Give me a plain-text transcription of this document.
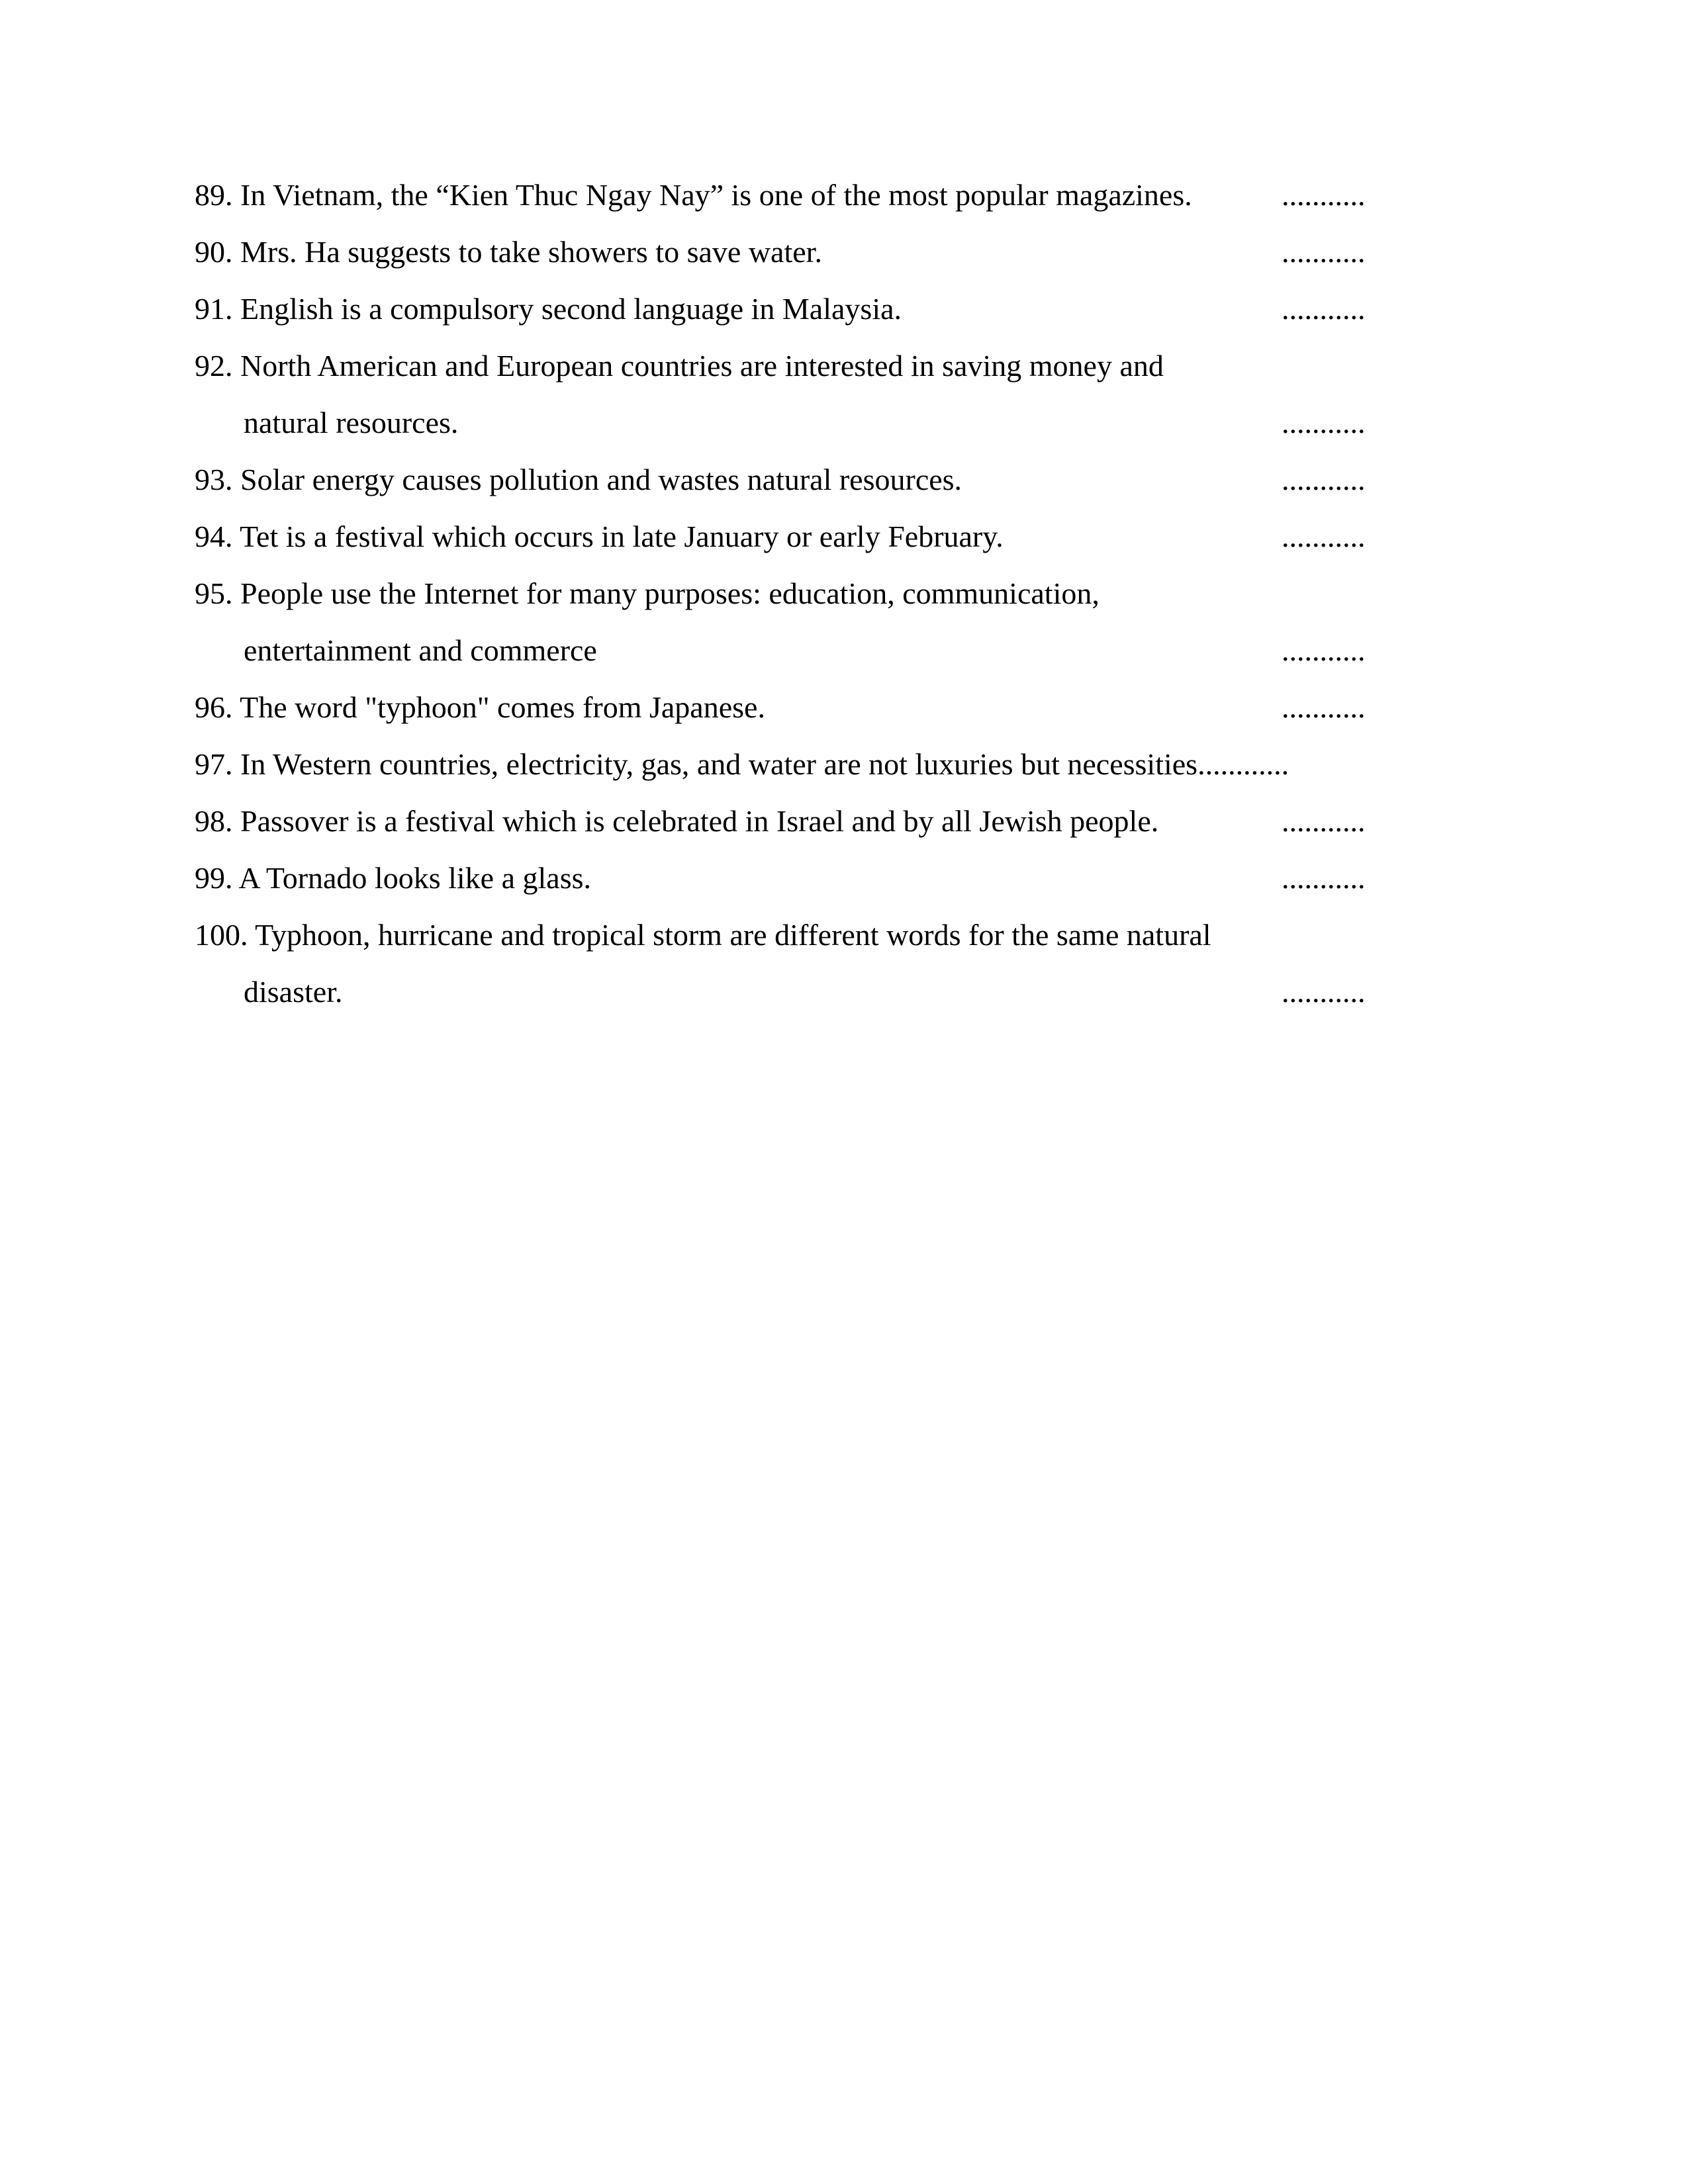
89. In Vietnam, the “Kien Thuc Ngay Nay” is one of the most popular magazines.	...........
90. Mrs. Ha suggests to take showers to save water.	...........
91. English is a compulsory second language in Malaysia.	...........
92. North American and European countries are interested in saving money and
natural resources.	...........
93. Solar energy causes pollution and wastes natural resources.	...........
94. Tet is a festival which occurs in late January or early February.	...........
95. People use the Internet for many purposes: education, communication,
entertainment and commerce	...........
96. The word "typhoon" comes from Japanese.	...........
97. In Western countries, electricity, gas, and water are not luxuries but necessities............
98. Passover is a festival which is celebrated in Israel and by all Jewish people.	...........
99. A Tornado looks like a glass.	...........
100. Typhoon, hurricane and tropical storm are different words for the same natural
disaster.	...........
